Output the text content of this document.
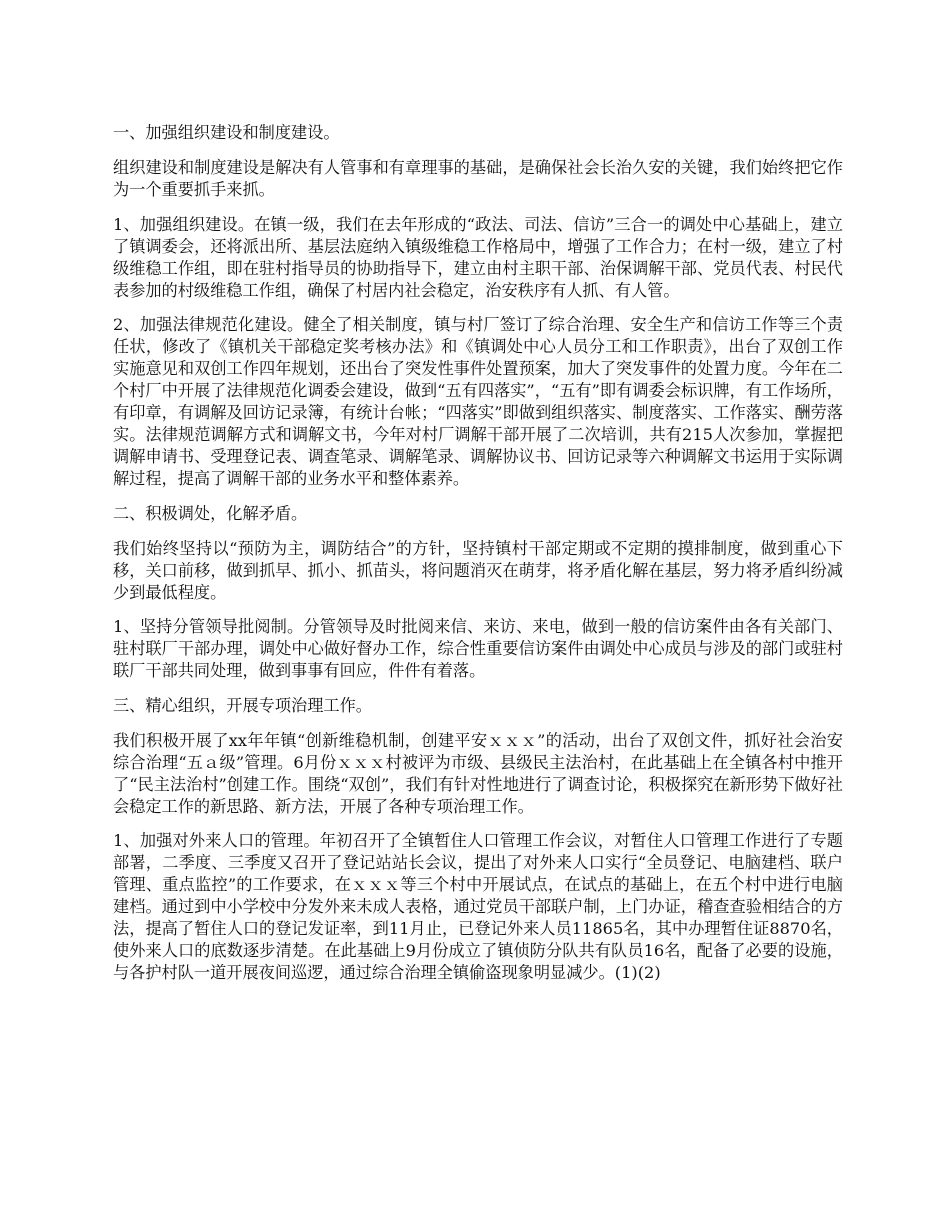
一、加强组织建设和制度建设。

组织建设和制度建设是解决有人管事和有章理事的基础，是确保社会长治久安的关键，我们始终把它作为一个重要抓手来抓。

1、加强组织建设。在镇一级，我们在去年形成的“政法、司法、信访”三合一的调处中心基础上，建立了镇调委会，还将派出所、基层法庭纳入镇级维稳工作格局中，增强了工作合力；在村一级，建立了村级维稳工作组，即在驻村指导员的协助指导下，建立由村主职干部、治保调解干部、党员代表、村民代表参加的村级维稳工作组，确保了村居内社会稳定，治安秩序有人抓、有人管。

2、加强法律规范化建设。健全了相关制度，镇与村厂签订了综合治理、安全生产和信访工作等三个责任状，修改了《镇机关干部稳定奖考核办法》和《镇调处中心人员分工和工作职责》，出台了双创工作实施意见和双创工作四年规划，还出台了突发性事件处置预案，加大了突发事件的处置力度。今年在二个村厂中开展了法律规范化调委会建设，做到“五有四落实”，“五有”即有调委会标识牌，有工作场所，有印章，有调解及回访记录簿，有统计台帐；“四落实”即做到组织落实、制度落实、工作落实、酬劳落实。法律规范调解方式和调解文书，今年对村厂调解干部开展了二次培训，共有215人次参加，掌握把调解申请书、受理登记表、调查笔录、调解笔录、调解协议书、回访记录等六种调解文书运用于实际调解过程，提高了调解干部的业务水平和整体素养。

二、积极调处，化解矛盾。

我们始终坚持以“预防为主，调防结合”的方针，坚持镇村干部定期或不定期的摸排制度，做到重心下移，关口前移，做到抓早、抓小、抓苗头，将问题消灭在萌芽，将矛盾化解在基层，努力将矛盾纠纷减少到最低程度。

1、坚持分管领导批阅制。分管领导及时批阅来信、来访、来电，做到一般的信访案件由各有关部门、驻村联厂干部办理，调处中心做好督办工作，综合性重要信访案件由调处中心成员与涉及的部门或驻村联厂干部共同处理，做到事事有回应，件件有着落。

三、精心组织，开展专项治理工作。

我们积极开展了xx年年镇“创新维稳机制，创建平安ｘｘｘ”的活动，出台了双创文件，抓好社会治安综合治理“五ａ级”管理。6月份ｘｘｘ村被评为市级、县级民主法治村，在此基础上在全镇各村中推开了“民主法治村”创建工作。围绕“双创”，我们有针对性地进行了调查讨论，积极探究在新形势下做好社会稳定工作的新思路、新方法，开展了各种专项治理工作。

1、加强对外来人口的管理。年初召开了全镇暂住人口管理工作会议，对暂住人口管理工作进行了专题部署，二季度、三季度又召开了登记站站长会议，提出了对外来人口实行“全员登记、电脑建档、联户管理、重点监控”的工作要求，在ｘｘｘ等三个村中开展试点，在试点的基础上，在五个村中进行电脑建档。通过到中小学校中分发外来未成人表格，通过党员干部联户制，上门办证，稽查查验相结合的方法，提高了暂住人口的登记发证率，到11月止，已登记外来人员11865名，其中办理暂住证8870名，使外来人口的底数逐步清楚。在此基础上9月份成立了镇侦防分队共有队员16名，配备了必要的设施，与各护村队一道开展夜间巡逻，通过综合治理全镇偷盗现象明显减少。(1)(2)
